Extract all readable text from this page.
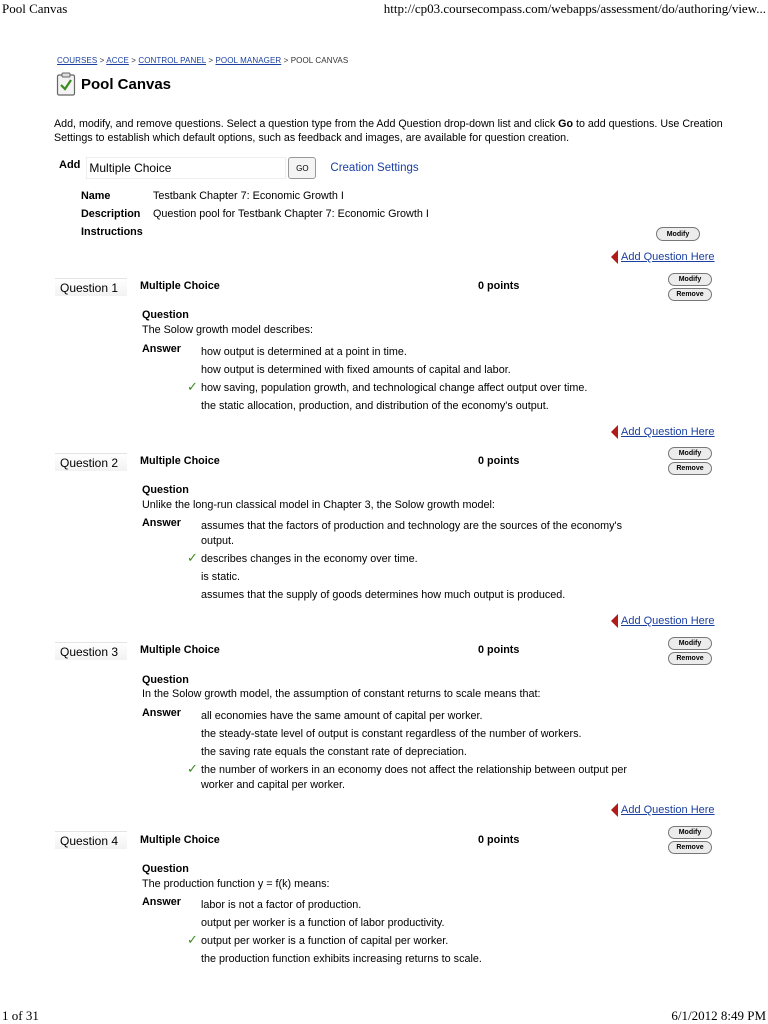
Pool Canvas	http://cp03.coursecompass.com/webapps/assessment/do/authoring/view...
1 of 31	6/1/2012 8:49 PM
COURSES > ACCE > CONTROL PANEL > POOL MANAGER > POOL CANVAS
Pool Canvas
Add, modify, and remove questions. Select a question type from the Add Question drop-down list and click Go to add questions. Use Creation Settings to establish which default options, such as feedback and images, are available for question creation.
Add Multiple Choice	GO	Creation Settings
Name	Testbank Chapter 7: Economic Growth I
Description Question pool for Testbank Chapter 7: Economic Growth I
Instructions	Modify
Add Question Here
Question 1	Multiple Choice	0 points
Modify
Remove
Question
The Solow growth model describes:
Answer how output is determined at a point in time.
how output is determined with fixed amounts of capital and labor.
✓ how saving, population growth, and technological change affect output over time.
the static allocation, production, and distribution of the economy's output.
Add Question Here
Question 2	Multiple Choice	0 points
Modify
Remove
Question
Unlike the long-run classical model in Chapter 3, the Solow growth model:
Answer assumes that the factors of production and technology are the sources of the economy's output.
✓ describes changes in the economy over time.
is static.
assumes that the supply of goods determines how much output is produced.
Add Question Here
Question 3	Multiple Choice	0 points
Modify
Remove
Question
In the Solow growth model, the assumption of constant returns to scale means that:
Answer all economies have the same amount of capital per worker.
the steady-state level of output is constant regardless of the number of workers.
the saving rate equals the constant rate of depreciation.
✓ the number of workers in an economy does not affect the relationship between output per worker and capital per worker.
Add Question Here
Question 4	Multiple Choice	0 points
Modify
Remove
Question
The production function y = f(k) means:
Answer labor is not a factor of production.
output per worker is a function of labor productivity.
✓ output per worker is a function of capital per worker.
the production function exhibits increasing returns to scale.
